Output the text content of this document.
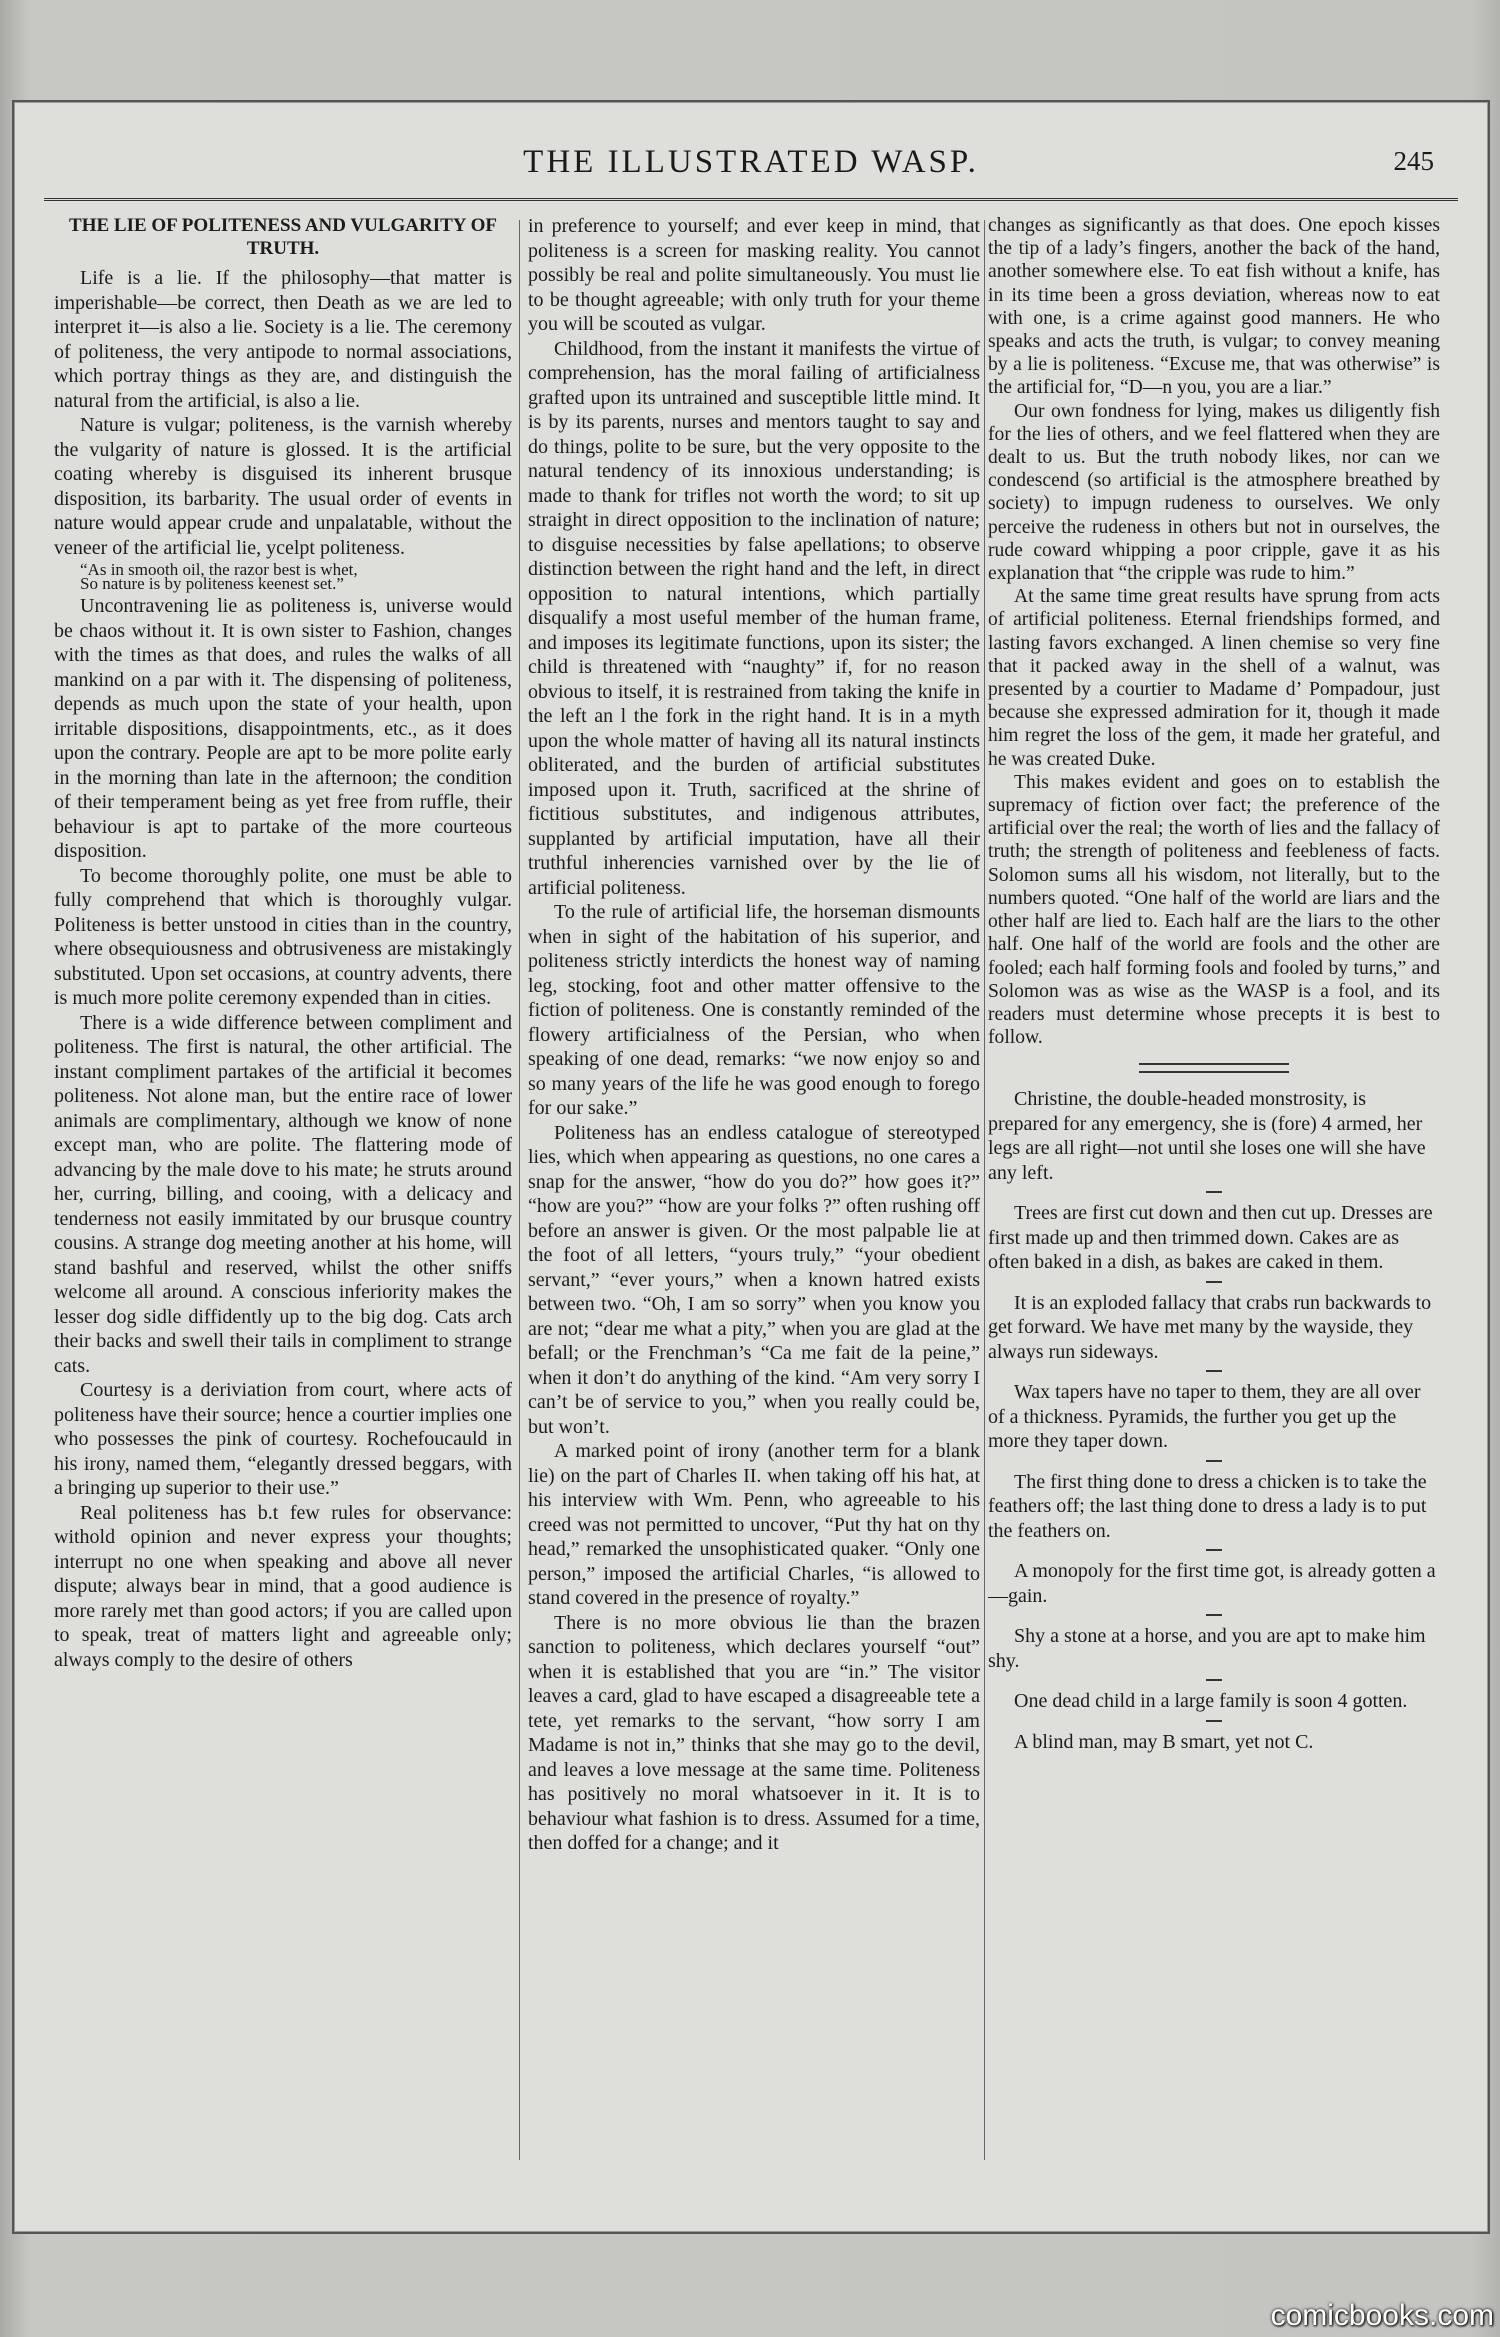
THE ILLUSTRATED WASP.	245
THE LIE OF POLITENESS AND VULGARITY OF TRUTH.

Life is a lie. If the philosophy—that matter is imperishable—be correct, then Death as we are led to interpret it—is also a lie. Society is a lie. The ceremony of politeness, the very antipode to normal associations, which portray things as they are, and distinguish the natural from the artificial, is also a lie.

Nature is vulgar; politeness, is the varnish whereby the vulgarity of nature is glossed. It is the artificial coating whereby is disguised its inherent brusque disposition, its barbarity. The usual order of events in nature would appear crude and unpalatable, without the veneer of the artificial lie, ycelpt politeness.

“As in smooth oil, the razor best is whet,

So nature is by politeness keenest set.”

Uncontravening lie as politeness is, universe would be chaos without it. It is own sister to Fashion, changes with the times as that does, and rules the walks of all mankind on a par with it. The dispensing of politeness, depends as much upon the state of your health, upon irritable dispositions, disappointments, etc., as it does upon the contrary. People are apt to be more polite early in the morning than late in the afternoon; the condition of their temperament being as yet free from ruffle, their behaviour is apt to partake of the more courteous disposition.

To become thoroughly polite, one must be able to fully comprehend that which is thoroughly vulgar. Politeness is better unstood in cities than in the country, where obsequiousness and obtrusiveness are mistakingly substituted. Upon set occasions, at country advents, there is much more polite ceremony expended than in cities.

There is a wide difference between compliment and politeness. The first is natural, the other artificial. The instant compliment partakes of the artificial it becomes politeness. Not alone man, but the entire race of lower animals are complimentary, although we know of none except man, who are polite. The flattering mode of advancing by the male dove to his mate; he struts around her, curring, billing, and cooing, with a delicacy and tenderness not easily immitated by our brusque country cousins. A strange dog meeting another at his home, will stand bashful and reserved, whilst the other sniffs welcome all around. A conscious inferiority makes the lesser dog sidle diffidently up to the big dog. Cats arch their backs and swell their tails in compliment to strange cats.

Courtesy is a deriviation from court, where acts of politeness have their source; hence a courtier implies one who possesses the pink of courtesy. Rochefoucauld in his irony, named them, “elegantly dressed beggars, with a bringing up superior to their use.”

Real politeness has b.t few rules for observance: withold opinion and never express your thoughts; interrupt no one when speaking and above all never dispute; always bear in mind, that a good audience is more rarely met than good actors; if you are called upon to speak, treat of matters light and agreeable only; always comply to the desire of others

in preference to yourself; and ever keep in mind, that politeness is a screen for masking reality. You cannot possibly be real and polite simultaneously. You must lie to be thought agreeable; with only truth for your theme you will be scouted as vulgar.

Childhood, from the instant it manifests the virtue of comprehension, has the moral failing of artificialness grafted upon its untrained and susceptible little mind. It is by its parents, nurses and mentors taught to say and do things, polite to be sure, but the very opposite to the natural tendency of its innoxious understanding; is made to thank for trifles not worth the word; to sit up straight in direct opposition to the inclination of nature; to disguise necessities by false apellations; to observe distinction between the right hand and the left, in direct opposition to natural intentions, which partially disqualify a most useful member of the human frame, and imposes its legitimate functions, upon its sister; the child is threatened with “naughty” if, for no reason obvious to itself, it is restrained from taking the knife in the left an l the fork in the right hand. It is in a myth upon the whole matter of having all its natural instincts obliterated, and the burden of artificial substitutes imposed upon it. Truth, sacrificed at the shrine of fictitious substitutes, and indigenous attributes, supplanted by artificial imputation, have all their truthful inherencies varnished over by the lie of artificial politeness.

To the rule of artificial life, the horseman dismounts when in sight of the habitation of his superior, and politeness strictly interdicts the honest way of naming leg, stocking, foot and other matter offensive to the fiction of politeness. One is constantly reminded of the flowery artificialness of the Persian, who when speaking of one dead, remarks: “we now enjoy so and so many years of the life he was good enough to forego for our sake.”

Politeness has an endless catalogue of stereotyped lies, which when appearing as questions, no one cares a snap for the answer, “how do you do?” how goes it?” “how are you?” “how are your folks ?” often rushing off before an answer is given. Or the most palpable lie at the foot of all letters, “yours truly,” “your obedient servant,” “ever yours,” when a known hatred exists between two. “Oh, I am so sorry” when you know you are not; “dear me what a pity,” when you are glad at the befall; or the Frenchman’s “Ca me fait de la peine,” when it don’t do anything of the kind. “Am very sorry I can’t be of service to you,” when you really could be, but won’t.

A marked point of irony (another term for a blank lie) on the part of Charles II. when taking off his hat, at his interview with Wm. Penn, who agreeable to his creed was not permitted to uncover, “Put thy hat on thy head,” remarked the unsophisticated quaker. “Only one person,” imposed the artificial Charles, “is allowed to stand covered in the presence of royalty.”

There is no more obvious lie than the brazen sanction to politeness, which declares yourself “out” when it is established that you are “in.” The visitor leaves a card, glad to have escaped a disagreeable tete a tete, yet remarks to the servant, “how sorry I am Madame is not in,” thinks that she may go to the devil, and leaves a love message at the same time. Politeness has positively no moral whatsoever in it. It is to behaviour what fashion is to dress. Assumed for a time, then doffed for a change; and it

changes as significantly as that does. One epoch kisses the tip of a lady’s fingers, another the back of the hand, another somewhere else. To eat fish without a knife, has in its time been a gross deviation, whereas now to eat with one, is a crime against good manners. He who speaks and acts the truth, is vulgar; to convey meaning by a lie is politeness. “Excuse me, that was otherwise” is the artificial for, “D—n you, you are a liar.”

Our own fondness for lying, makes us diligently fish for the lies of others, and we feel flattered when they are dealt to us. But the truth nobody likes, nor can we condescend (so artificial is the atmosphere breathed by society) to impugn rudeness to ourselves. We only perceive the rudeness in others but not in ourselves, the rude coward whipping a poor cripple, gave it as his explanation that “the cripple was rude to him.”

At the same time great results have sprung from acts of artificial politeness. Eternal friendships formed, and lasting favors exchanged. A linen chemise so very fine that it packed away in the shell of a walnut, was presented by a courtier to Madame d’ Pompadour, just because she expressed admiration for it, though it made him regret the loss of the gem, it made her grateful, and he was created Duke.

This makes evident and goes on to establish the supremacy of fiction over fact; the preference of the artificial over the real; the worth of lies and the fallacy of truth; the strength of politeness and feebleness of facts. Solomon sums all his wisdom, not literally, but to the numbers quoted. “One half of the world are liars and the other half are lied to. Each half are the liars to the other half. One half of the world are fools and the other are fooled; each half forming fools and fooled by turns,” and Solomon was as wise as the WASP is a fool, and its readers must determine whose precepts it is best to follow.

Christine, the double-headed monstrosity, is prepared for any emergency, she is (fore) 4 armed, her legs are all right—not until she loses one will she have any left.

Trees are first cut down and then cut up. Dresses are first made up and then trimmed down. Cakes are as often baked in a dish, as bakes are caked in them.

It is an exploded fallacy that crabs run backwards to get forward. We have met many by the wayside, they always run sideways.

Wax tapers have no taper to them, they are all over of a thickness. Pyramids, the further you get up the more they taper down.

The first thing done to dress a chicken is to take the feathers off; the last thing done to dress a lady is to put the feathers on.

A monopoly for the first time got, is already gotten a—gain.

Shy a stone at a horse, and you are apt to make him shy.

One dead child in a large family is soon 4 gotten.

A blind man, may B smart, yet not C.

comicbooks.com
